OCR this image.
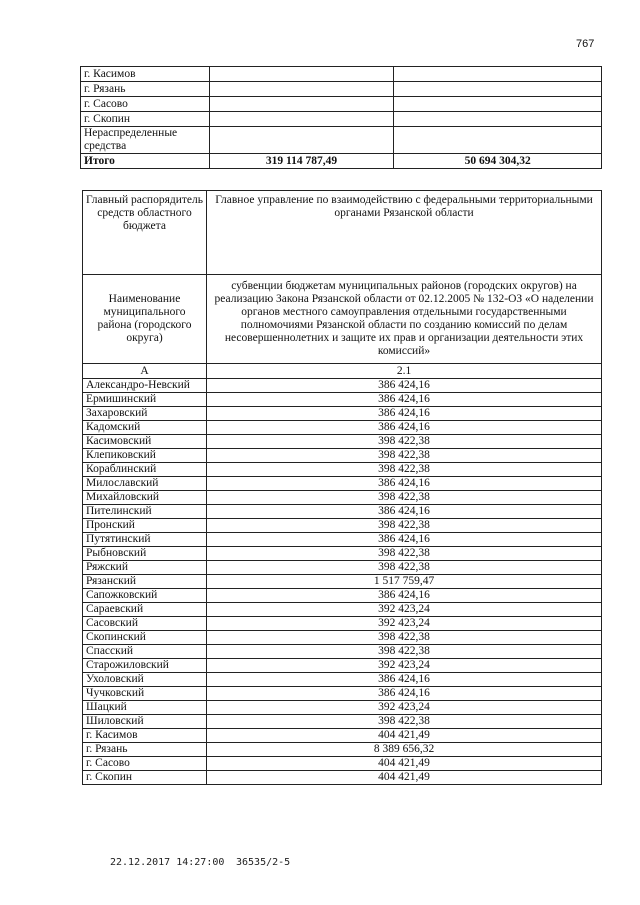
767
г. Касимов		
г. Рязань		
г. Сасово		
г. Скопин		
Нераспределенные средства		
Итого	319 114 787,49	50 694 304,32
Главный распорядитель средств областного бюджета	Главное управление по взаимодействию с федеральными территориальными органами Рязанской области
Наименование муниципального района (городского округа)	субвенции бюджетам муниципальных районов (городских округов) на реализацию Закона Рязанской области от 02.12.2005 № 132-ОЗ «О наделении органов местного самоуправления отдельными государственными полномочиями Рязанской области по созданию комиссий по делам несовершеннолетних и защите их прав и организации деятельности этих комиссий»
А	2.1
Александро-Невский	386 424,16
Ермишинский	386 424,16
Захаровский	386 424,16
Кадомский	386 424,16
Касимовский	398 422,38
Клепиковский	398 422,38
Кораблинский	398 422,38
Милославский	386 424,16
Михайловский	398 422,38
Пителинский	386 424,16
Пронский	398 422,38
Путятинский	386 424,16
Рыбновский	398 422,38
Ряжский	398 422,38
Рязанский	1 517 759,47
Сапожковский	386 424,16
Сараевский	392 423,24
Сасовский	392 423,24
Скопинский	398 422,38
Спасский	398 422,38
Старожиловский	392 423,24
Ухоловский	386 424,16
Чучковский	386 424,16
Шацкий	392 423,24
Шиловский	398 422,38
г. Касимов	404 421,49
г. Рязань	8 389 656,32
г. Сасово	404 421,49
г. Скопин	404 421,49
22.12.2017 14:27:00 36535/2-5
